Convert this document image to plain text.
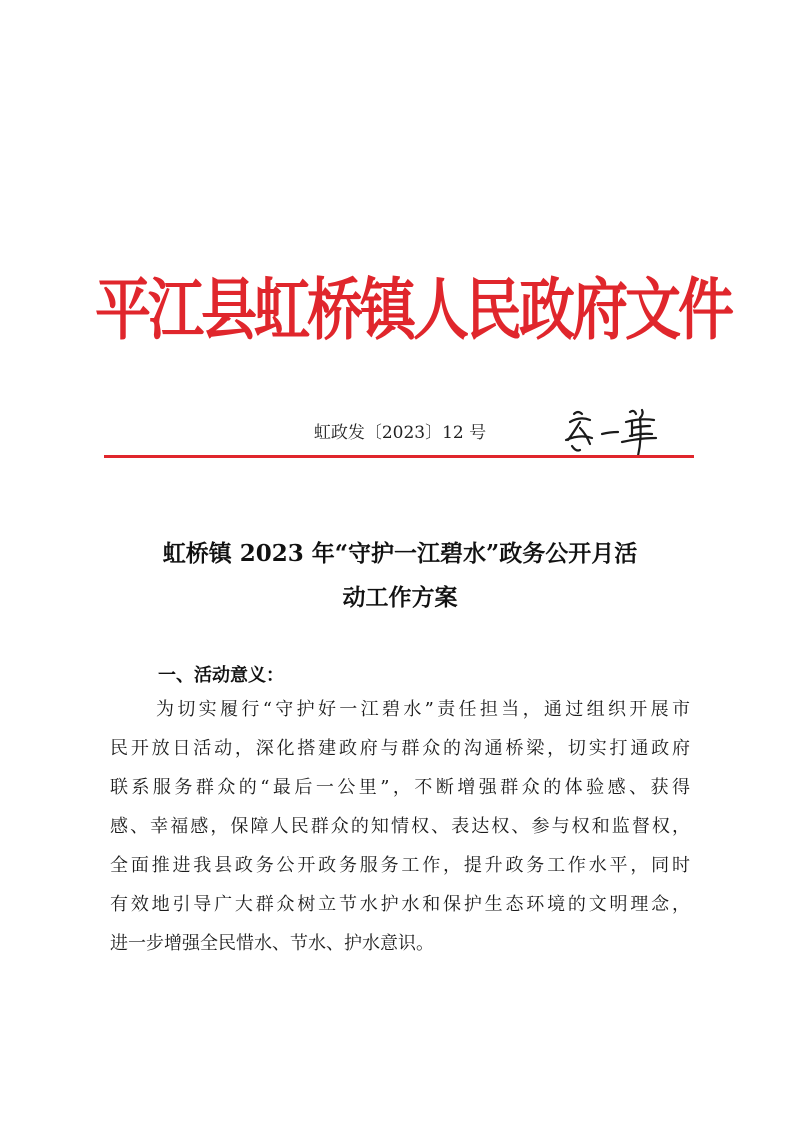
平江县虹桥镇人民政府文件
虹政发〔2023〕12 号
虹桥镇 2023 年“守护一江碧水”政务公开月活
动工作方案
一、活动意义：
为切实履行“守护好一江碧水”责任担当，通过组织开展市
民开放日活动，深化搭建政府与群众的沟通桥梁，切实打通政府
联系服务群众的“最后一公里”，不断增强群众的体验感、获得
感、幸福感，保障人民群众的知情权、表达权、参与权和监督权，
全面推进我县政务公开政务服务工作，提升政务工作水平，同时
有效地引导广大群众树立节水护水和保护生态环境的文明理念，
进一步增强全民惜水、节水、护水意识。
